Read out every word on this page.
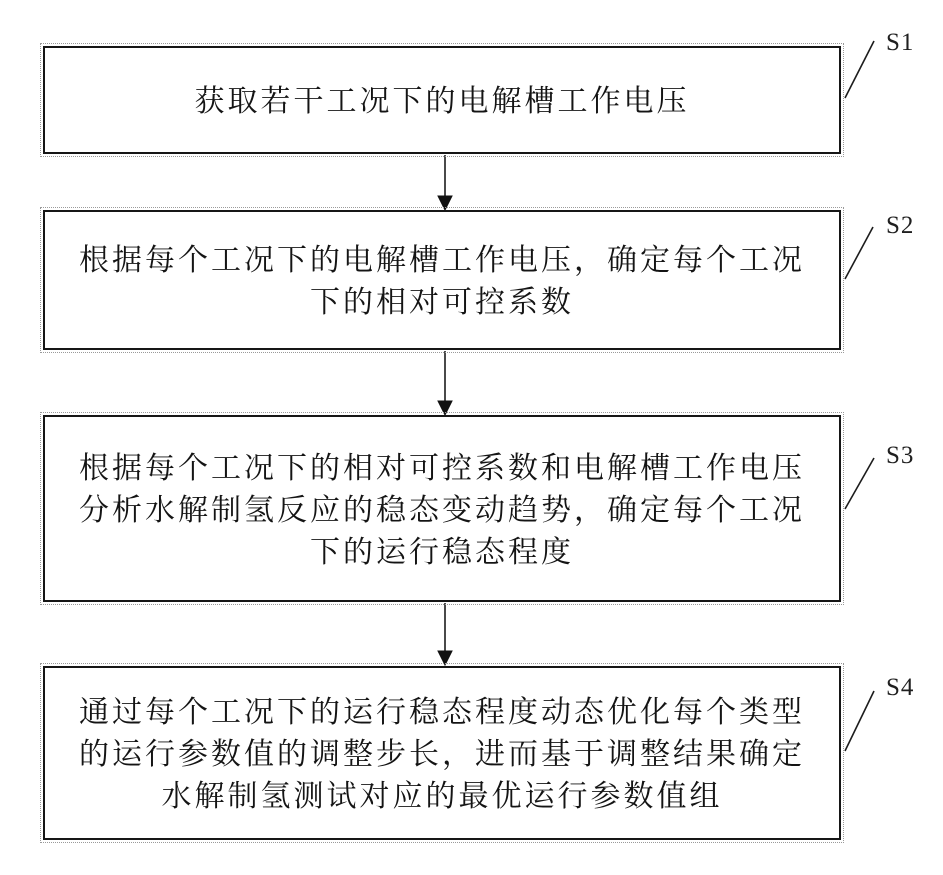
获取若干工况下的电解槽工作电压
根据每个工况下的电解槽工作电压，确定每个工况
下的相对可控系数
根据每个工况下的相对可控系数和电解槽工作电压
分析水解制氢反应的稳态变动趋势，确定每个工况
下的运行稳态程度
通过每个工况下的运行稳态程度动态优化每个类型
的运行参数值的调整步长，进而基于调整结果确定
水解制氢测试对应的最优运行参数值组
S1
S2
S3
S4
